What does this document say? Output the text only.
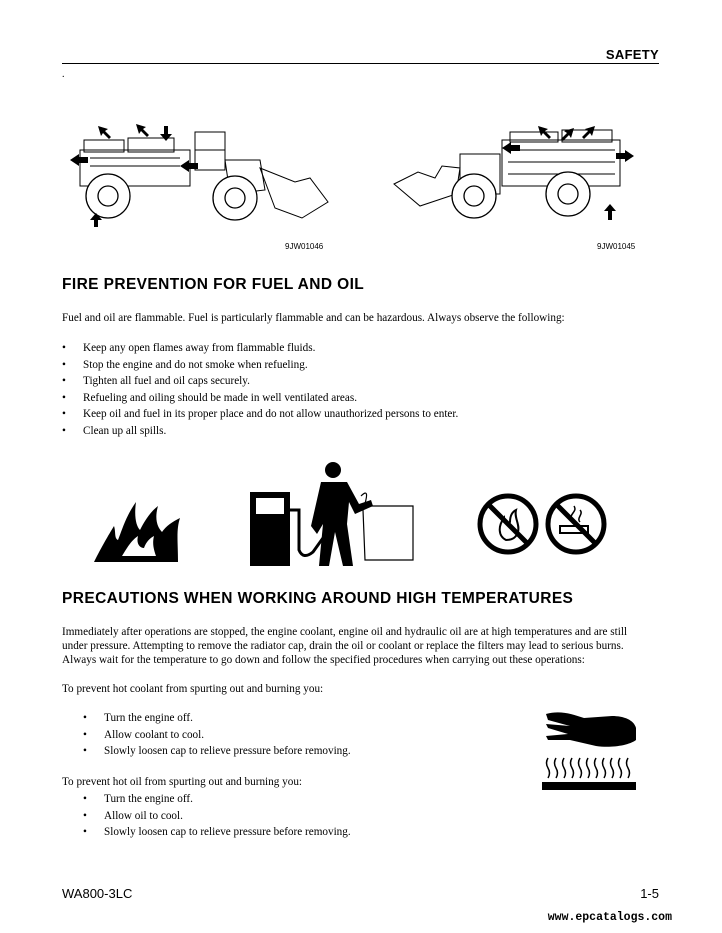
SAFETY
.
9JW01046	9JW01045
FIRE PREVENTION FOR FUEL AND OIL
Fuel and oil are flammable. Fuel is particularly flammable and can be hazardous. Always observe the following:
• Keep any open flames away from flammable fluids.
• Stop the engine and do not smoke when refueling.
• Tighten all fuel and oil caps securely.
• Refueling and oiling should be made in well ventilated areas.
• Keep oil and fuel in its proper place and do not allow unauthorized persons to enter.
• Clean up all spills.
PRECAUTIONS WHEN WORKING AROUND HIGH TEMPERATURES
Immediately after operations are stopped, the engine coolant, engine oil and hydraulic oil are at high temperatures and are still
under pressure. Attempting to remove the radiator cap, drain the oil or coolant or replace the filters may lead to serious burns.
Always wait for the temperature to go down and follow the specified procedures when carrying out these operations:
To prevent hot coolant from spurting out and burning you:
• Turn the engine off.
• Allow coolant to cool.
• Slowly loosen cap to relieve pressure before removing.
To prevent hot oil from spurting out and burning you:
• Turn the engine off.
• Allow oil to cool.
• Slowly loosen cap to relieve pressure before removing.
WA800-3LC	1-5
www.epcatalogs.com
